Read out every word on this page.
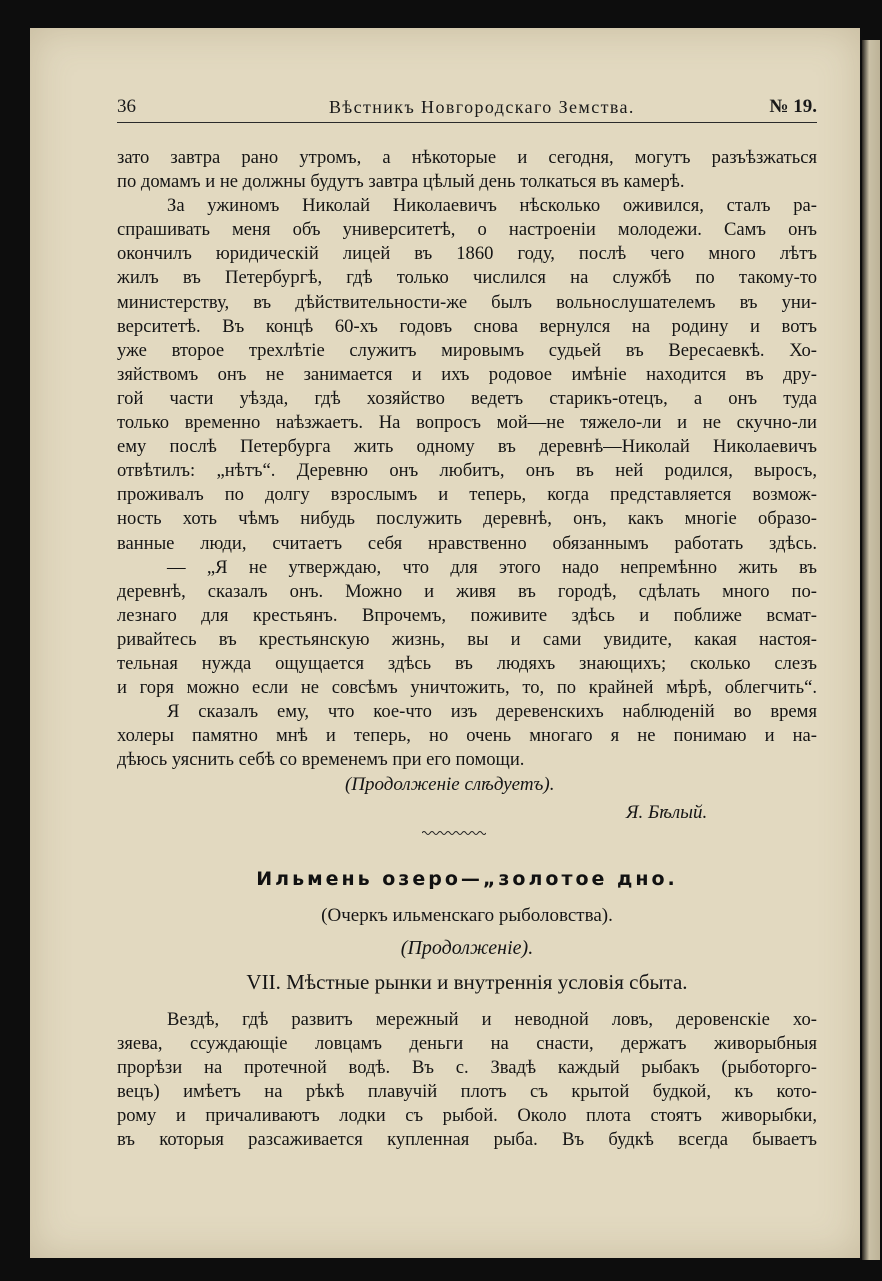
36	Вѣстникъ Новгородскаго Земства.	№ 19.
зато завтра рано утромъ, а нѣкоторые и сегодня, могутъ разъѣзжаться
по домамъ и не должны будутъ завтра цѣлый день толкаться въ камерѣ.
За ужиномъ Николай Николаевичъ нѣсколько оживился, сталъ ра-
спрашивать меня объ университетѣ, о настроеніи молодежи. Самъ онъ
окончилъ юридическій лицей въ 1860 году, послѣ чего много лѣтъ
жилъ въ Петербургѣ, гдѣ только числился на службѣ по такому-то
министерству, въ дѣйствительности-же былъ вольнослушателемъ въ уни-
верситетѣ. Въ концѣ 60-хъ годовъ снова вернулся на родину и вотъ
уже второе трехлѣтіе служитъ мировымъ судьей въ Вересаевкѣ. Хо-
зяйствомъ онъ не занимается и ихъ родовое имѣніе находится въ дру-
гой части уѣзда, гдѣ хозяйство ведетъ старикъ-отецъ, а онъ туда
только временно наѣзжаетъ. На вопросъ мой—не тяжело-ли и не скучно-ли
ему послѣ Петербурга жить одному въ деревнѣ—Николай Николаевичъ
отвѣтилъ: „нѣтъ“. Деревню онъ любитъ, онъ въ ней родился, выросъ,
проживалъ по долгу взрослымъ и теперь, когда представляется возмож-
ность хоть чѣмъ нибудь послужить деревнѣ, онъ, какъ многіе образо-
ванные люди, считаетъ себя нравственно обязаннымъ работать здѣсь.
— „Я не утверждаю, что для этого надо непремѣнно жить въ
деревнѣ, сказалъ онъ. Можно и живя въ городѣ, сдѣлать много по-
лезнаго для крестьянъ. Впрочемъ, поживите здѣсь и поближе всмат-
ривайтесь въ крестьянскую жизнь, вы и сами увидите, какая настоя-
тельная нужда ощущается здѣсь въ людяхъ знающихъ; сколько слезъ
и горя можно если не совсѣмъ уничтожить, то, по крайней мѣрѣ, облегчить“.
Я сказалъ ему, что кое-что изъ деревенскихъ наблюденій во время
холеры памятно мнѣ и теперь, но очень многаго я не понимаю и на-
дѣюсь уяснить себѣ со временемъ при его помощи.
(Продолженіе слѣдуетъ).
Я. Бѣлый.
Ильмень озеро—„золотое дно.
(Очеркъ ильменскаго рыболовства).
(Продолженіе).
VII. Мѣстные рынки и внутреннія условія сбыта.
Вездѣ, гдѣ развитъ мережный и неводной ловъ, деровенскіе хо-
зяева, ссуждающіе ловцамъ деньги на снасти, держатъ живорыбныя
прорѣзи на протечной водѣ. Въ с. Звадѣ каждый рыбакъ (рыботорго-
вецъ) имѣетъ на рѣкѣ плавучій плотъ съ крытой будкой, къ кото-
рому и причаливаютъ лодки съ рыбой. Около плота стоятъ живорыбки,
въ которыя разсаживается купленная рыба. Въ будкѣ всегда бываетъ
